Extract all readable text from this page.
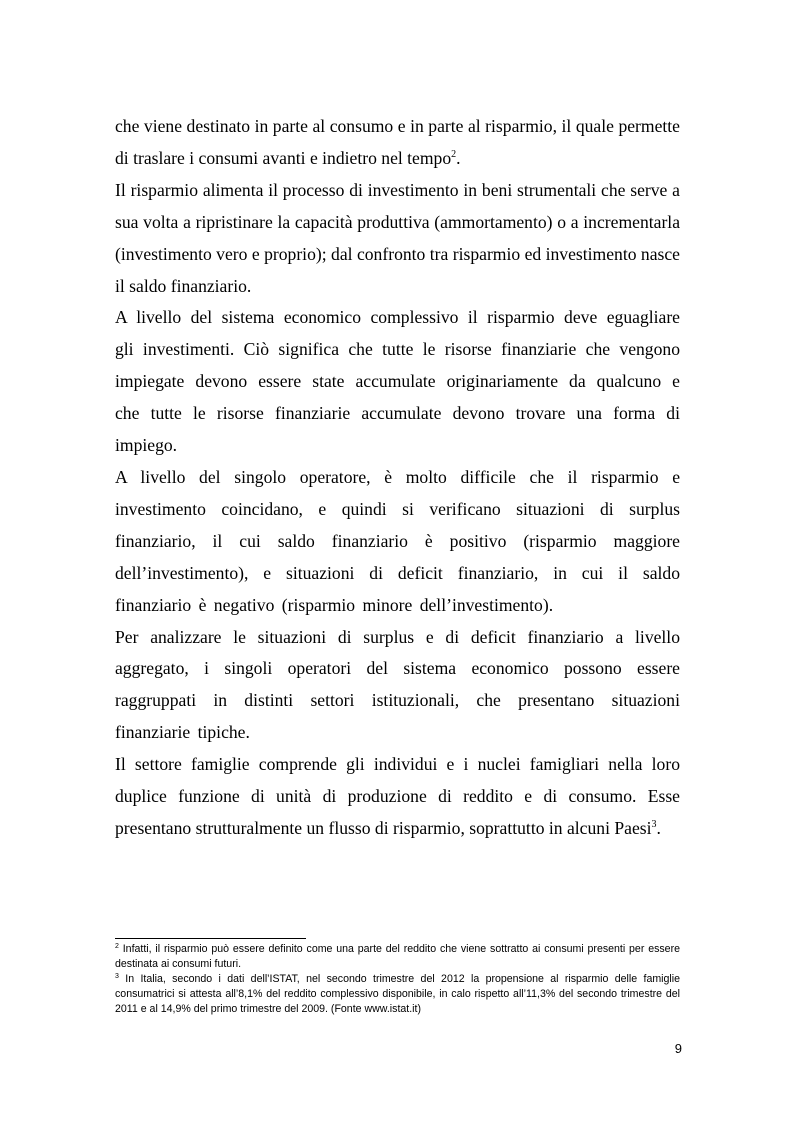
che viene destinato in parte al consumo e in parte al risparmio, il quale permette di traslare i consumi avanti e indietro nel tempo$^2$.

Il risparmio alimenta il processo di investimento in beni strumentali che serve a sua volta a ripristinare la capacità produttiva (ammortamento) o a incrementarla (investimento vero e proprio); dal confronto tra risparmio ed investimento nasce il saldo finanziario.

A livello del sistema economico complessivo il risparmio deve eguagliare gli investimenti. Ciò significa che tutte le risorse finanziarie che vengono impiegate devono essere state accumulate originariamente da qualcuno e che tutte le risorse finanziarie accumulate devono trovare una forma di impiego.

A livello del singolo operatore, è molto difficile che il risparmio e investimento coincidano, e quindi si verificano situazioni di surplus finanziario, il cui saldo finanziario è positivo (risparmio maggiore dell’investimento), e situazioni di deficit finanziario, in cui il saldo finanziario è negativo (risparmio minore dell’investimento).

Per analizzare le situazioni di surplus e di deficit finanziario a livello aggregato, i singoli operatori del sistema economico possono essere raggruppati in distinti settori istituzionali, che presentano situazioni finanziarie tipiche.

Il settore famiglie comprende gli individui e i nuclei famigliari nella loro duplice funzione di unità di produzione di reddito e di consumo. Esse presentano strutturalmente un flusso di risparmio, soprattutto in alcuni Paesi$^3$.

$^2$ Infatti, il risparmio può essere definito come una parte del reddito che viene sottratto ai consumi presenti per essere destinata ai consumi futuri.

$^3$ In Italia, secondo i dati dell’ISTAT, nel secondo trimestre del 2012 la propensione al risparmio delle famiglie consumatrici si attesta all’8,1% del reddito complessivo disponibile, in calo rispetto all’11,3% del secondo trimestre del 2011 e al 14,9% del primo trimestre del 2009. (Fonte www.istat.it)

9
